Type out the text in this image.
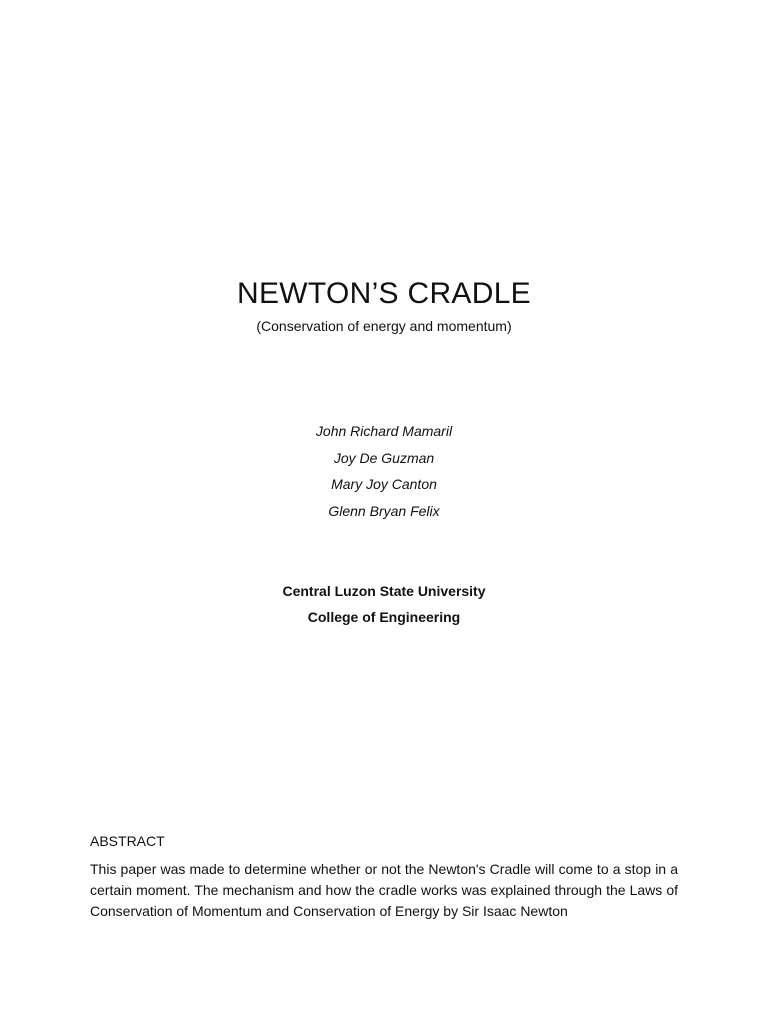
NEWTON’S CRADLE
(Conservation of energy and momentum)
John Richard Mamaril
Joy De Guzman
Mary Joy Canton
Glenn Bryan Felix
Central Luzon State University
College of Engineering
ABSTRACT
This paper was made to determine whether or not the Newton's Cradle will come to a stop in a certain moment. The mechanism and how the cradle works was explained through the Laws of Conservation of Momentum and Conservation of Energy by Sir Isaac Newton
